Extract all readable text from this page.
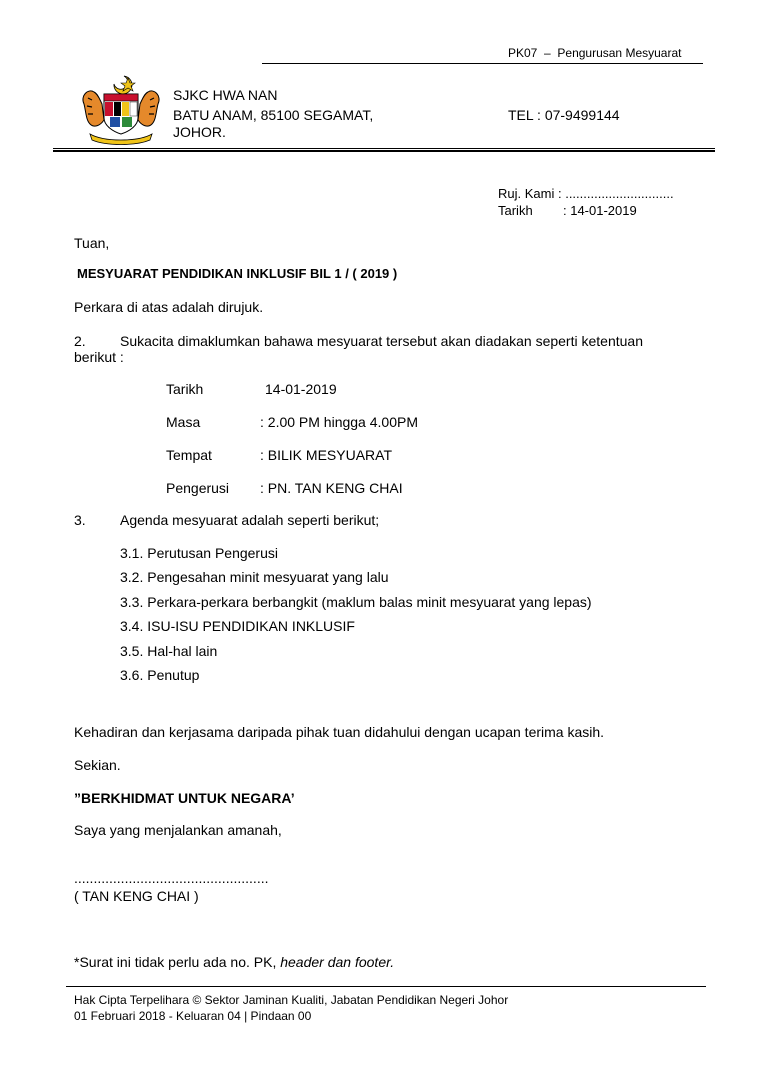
PK07 – Pengurusan Mesyuarat
SJKC HWA NAN
BATU ANAM, 85100 SEGAMAT,
JOHOR.
TEL : 07-9499144
Ruj. Kami : ..............................
Tarikh : 14-01-2019
Tuan,
MESYUARAT PENDIDIKAN INKLUSIF BIL 1 / ( 2019 )
Perkara di atas adalah dirujuk.
2. Sukacita dimaklumkan bahawa mesyuarat tersebut akan diadakan seperti ketentuan
berikut :
Tarikh	14-01-2019
Masa	: 2.00 PM hingga 4.00PM
Tempat	: BILIK MESYUARAT
Pengerusi : PN. TAN KENG CHAI
3. Agenda mesyuarat adalah seperti berikut;
3.1. Perutusan Pengerusi
3.2. Pengesahan minit mesyuarat yang lalu
3.3. Perkara-perkara berbangkit (maklum balas minit mesyuarat yang lepas)
3.4. ISU-ISU PENDIDIKAN INKLUSIF
3.5. Hal-hal lain
3.6. Penutup
Kehadiran dan kerjasama daripada pihak tuan didahului dengan ucapan terima kasih.
Sekian.
”BERKHIDMAT UNTUK NEGARA’
Saya yang menjalankan amanah,
..................................................
( TAN KENG CHAI )
*Surat ini tidak perlu ada no. PK, header dan footer.
Hak Cipta Terpelihara © Sektor Jaminan Kualiti, Jabatan Pendidikan Negeri Johor
01 Februari 2018 - Keluaran 04 | Pindaan 00
